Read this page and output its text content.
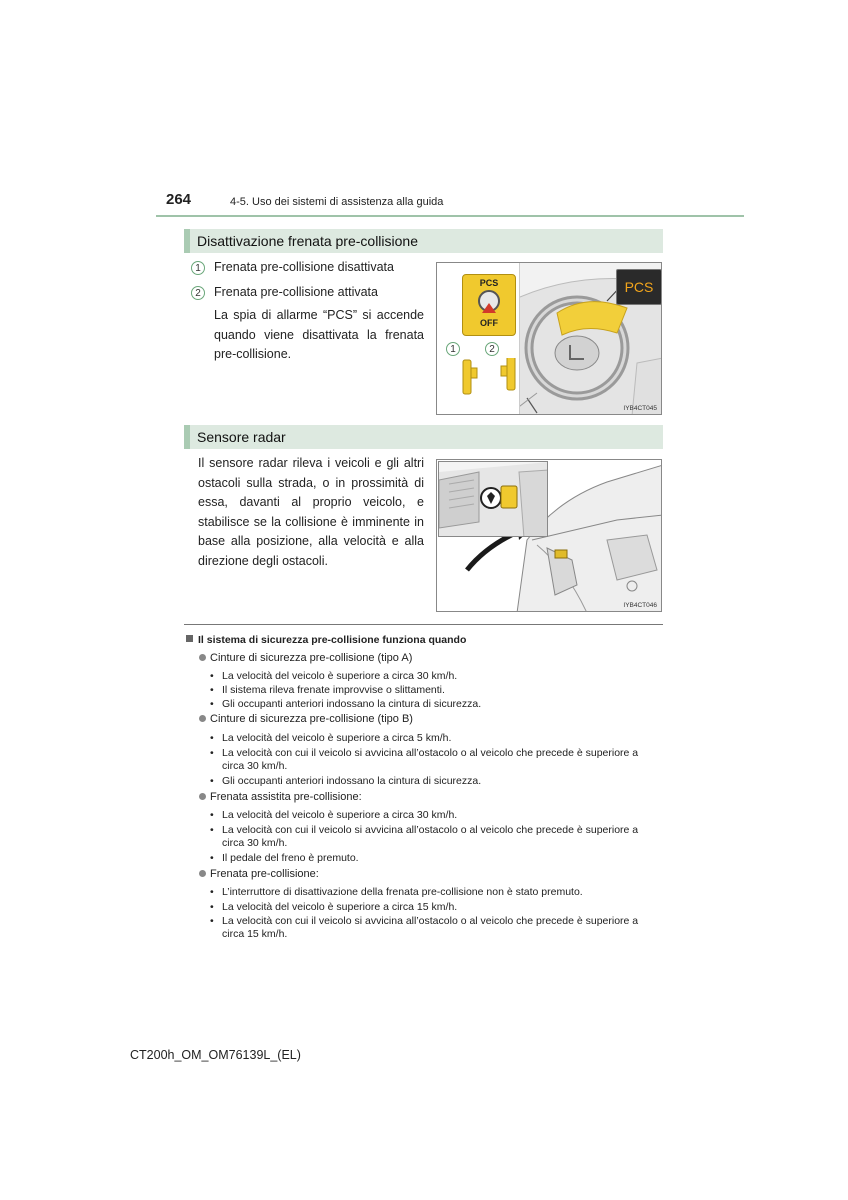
264	4-5. Uso dei sistemi di assistenza alla guida
Disattivazione frenata pre-collisione
1	Frenata pre-collisione disattivata
2	Frenata pre-collisione attivata
La spia di allarme “PCS” si accende quando viene disattivata la frenata pre-collisione.
PCS
OFF
1	2
PCS
IYB4CT045
Sensore radar
Il sensore radar rileva i veicoli e gli altri ostacoli sulla strada, o in prossimità di essa, davanti al proprio veicolo, e stabilisce se la collisione è imminente in base alla posizione, alla velocità e alla direzione degli ostacoli.
IYB4CT046
Il sistema di sicurezza pre-collisione funziona quando
Cinture di sicurezza pre-collisione (tipo A)
• La velocità del veicolo è superiore a circa 30 km/h.
• Il sistema rileva frenate improvvise o slittamenti.
• Gli occupanti anteriori indossano la cintura di sicurezza.
Cinture di sicurezza pre-collisione (tipo B)
• La velocità del veicolo è superiore a circa 5 km/h.
• La velocità con cui il veicolo si avvicina all’ostacolo o al veicolo che precede è superiore a circa 30 km/h.
• Gli occupanti anteriori indossano la cintura di sicurezza.
Frenata assistita pre-collisione:
• La velocità del veicolo è superiore a circa 30 km/h.
• La velocità con cui il veicolo si avvicina all’ostacolo o al veicolo che precede è superiore a circa 30 km/h.
• Il pedale del freno è premuto.
Frenata pre-collisione:
• L’interruttore di disattivazione della frenata pre-collisione non è stato premuto.
• La velocità del veicolo è superiore a circa 15 km/h.
• La velocità con cui il veicolo si avvicina all’ostacolo o al veicolo che precede è superiore a circa 15 km/h.
CT200h_OM_OM76139L_(EL)
